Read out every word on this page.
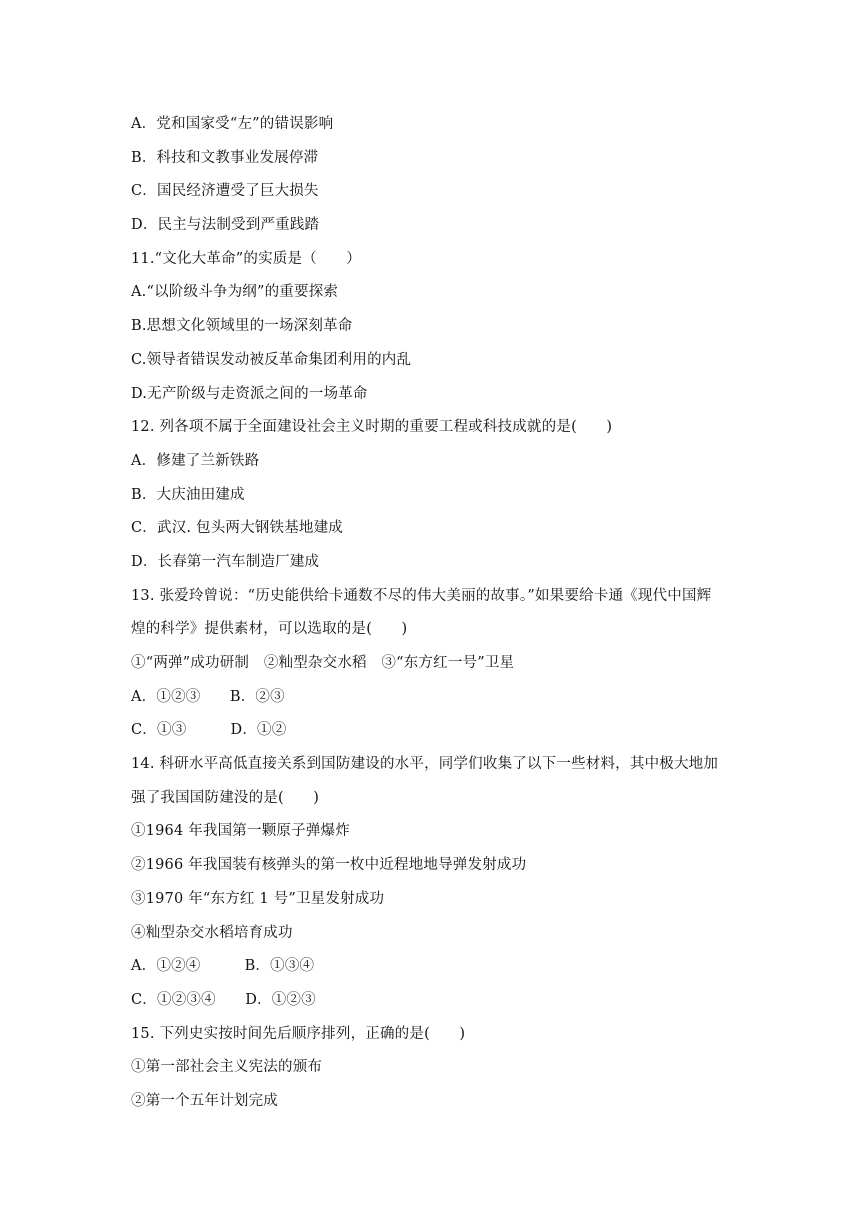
A．党和国家受“左”的错误影响
B．科技和文教事业发展停滞
C．国民经济遭受了巨大损失
D．民主与法制受到严重践踏
11.“文化大革命”的实质是（　　）
A.“以阶级斗争为纲”的重要探索
B.思想文化领域里的一场深刻革命
C.领导者错误发动被反革命集团利用的内乱
D.无产阶级与走资派之间的一场革命
12. 列各项不属于全面建设社会主义时期的重要工程或科技成就的是(　　)
A．修建了兰新铁路
B．大庆油田建成
C．武汉. 包头两大钢铁基地建成
D．长春第一汽车制造厂建成
13. 张爱玲曾说：“历史能供给卡通数不尽的伟大美丽的故事。”如果要给卡通《现代中国辉
煌的科学》提供素材，可以选取的是(　　)
①“两弹”成功研制　②籼型杂交水稻　③“东方红一号”卫星
A．①②③　　B．②③
C．①③　　　D．①②
14. 科研水平高低直接关系到国防建设的水平，同学们收集了以下一些材料，其中极大地加
强了我国国防建没的是(　　)
①1964 年我国第一颗原子弹爆炸
②1966 年我国装有核弹头的第一枚中近程地地导弹发射成功
③1970 年“东方红 1 号”卫星发射成功
④籼型杂交水稻培育成功
A．①②④　　　B．①③④
C．①②③④　　D．①②③
15. 下列史实按时间先后顺序排列，正确的是(　　)
①第一部社会主义宪法的颁布
②第一个五年计划完成
